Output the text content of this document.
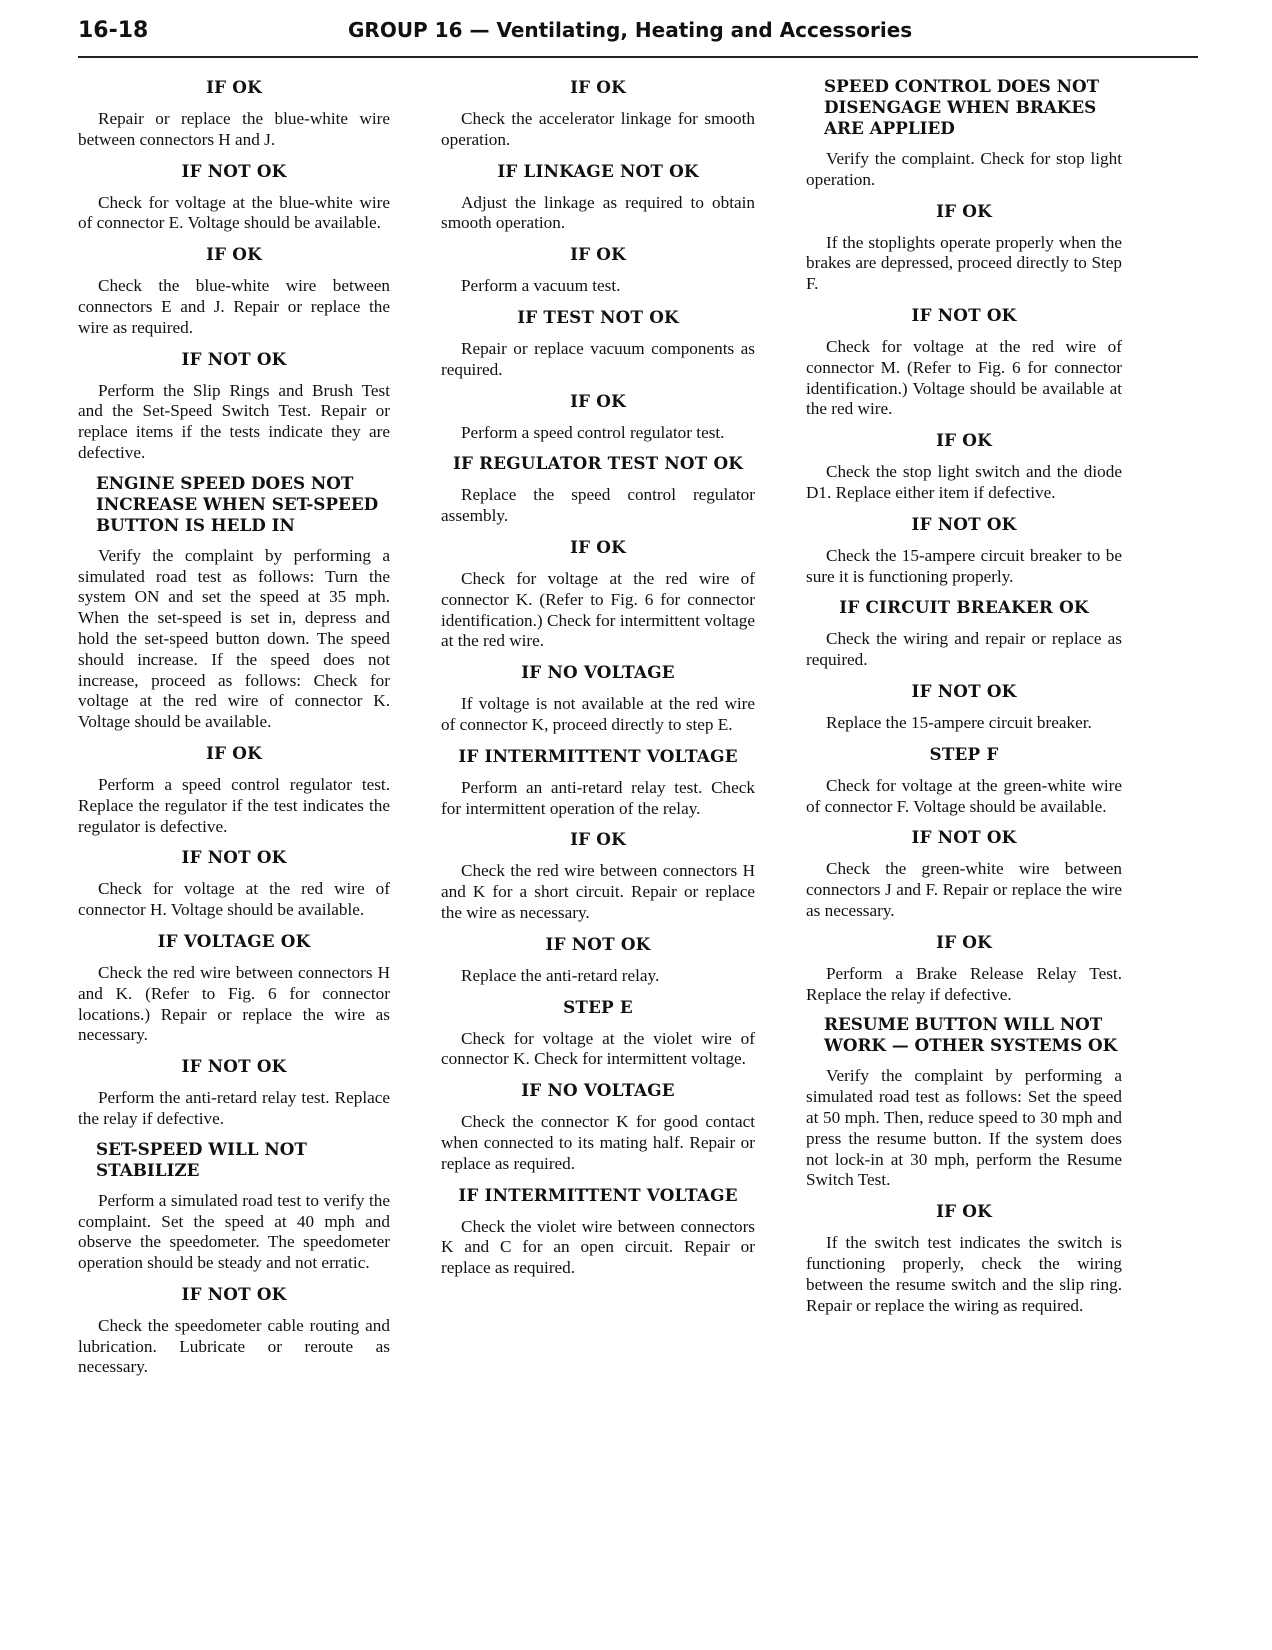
16-18	GROUP 16 — Ventilating, Heating and Accessories
IF OK
Repair or replace the blue-white wire between connectors H and J.
IF NOT OK
Check for voltage at the blue-white wire of connector E. Voltage should be available.
IF OK
Check the blue-white wire between connectors E and J. Repair or replace the wire as required.
IF NOT OK
Perform the Slip Rings and Brush Test and the Set-Speed Switch Test. Repair or replace items if the tests indicate they are defective.
ENGINE SPEED DOES NOT INCREASE WHEN SET-SPEED BUTTON IS HELD IN
Verify the complaint by performing a simulated road test as follows: Turn the system ON and set the speed at 35 mph. When the set-speed is set in, depress and hold the set-speed button down. The speed should increase. If the speed does not increase, proceed as follows: Check for voltage at the red wire of connector K. Voltage should be available.
IF OK
Perform a speed control regulator test. Replace the regulator if the test indicates the regulator is defective.
IF NOT OK
Check for voltage at the red wire of connector H. Voltage should be available.
IF VOLTAGE OK
Check the red wire between connectors H and K. (Refer to Fig. 6 for connector locations.) Repair or replace the wire as necessary.
IF NOT OK
Perform the anti-retard relay test. Replace the relay if defective.
SET-SPEED WILL NOT STABILIZE
Perform a simulated road test to verify the complaint. Set the speed at 40 mph and observe the speedometer. The speedometer operation should be steady and not erratic.
IF NOT OK
Check the speedometer cable routing and lubrication. Lubricate or reroute as necessary.
IF OK
Check the accelerator linkage for smooth operation.
IF LINKAGE NOT OK
Adjust the linkage as required to obtain smooth operation.
IF OK
Perform a vacuum test.
IF TEST NOT OK
Repair or replace vacuum components as required.
IF OK
Perform a speed control regulator test.
IF REGULATOR TEST NOT OK
Replace the speed control regulator assembly.
IF OK
Check for voltage at the red wire of connector K. (Refer to Fig. 6 for connector identification.) Check for intermittent voltage at the red wire.
IF NO VOLTAGE
If voltage is not available at the red wire of connector K, proceed directly to step E.
IF INTERMITTENT VOLTAGE
Perform an anti-retard relay test. Check for intermittent operation of the relay.
IF OK
Check the red wire between connectors H and K for a short circuit. Repair or replace the wire as necessary.
IF NOT OK
Replace the anti-retard relay.
STEP E
Check for voltage at the violet wire of connector K. Check for intermittent voltage.
IF NO VOLTAGE
Check the connector K for good contact when connected to its mating half. Repair or replace as required.
IF INTERMITTENT VOLTAGE
Check the violet wire between connectors K and C for an open circuit. Repair or replace as required.
SPEED CONTROL DOES NOT DISENGAGE WHEN BRAKES ARE APPLIED
Verify the complaint. Check for stop light operation.
IF OK
If the stoplights operate properly when the brakes are depressed, proceed directly to Step F.
IF NOT OK
Check for voltage at the red wire of connector M. (Refer to Fig. 6 for connector identification.) Voltage should be available at the red wire.
IF OK
Check the stop light switch and the diode D1. Replace either item if defective.
IF NOT OK
Check the 15-ampere circuit breaker to be sure it is functioning properly.
IF CIRCUIT BREAKER OK
Check the wiring and repair or replace as required.
IF NOT OK
Replace the 15-ampere circuit breaker.
STEP F
Check for voltage at the green-white wire of connector F. Voltage should be available.
IF NOT OK
Check the green-white wire between connectors J and F. Repair or replace the wire as necessary.
IF OK
Perform a Brake Release Relay Test. Replace the relay if defective.
RESUME BUTTON WILL NOT WORK — OTHER SYSTEMS OK
Verify the complaint by performing a simulated road test as follows: Set the speed at 50 mph. Then, reduce speed to 30 mph and press the resume button. If the system does not lock-in at 30 mph, perform the Resume Switch Test.
IF OK
If the switch test indicates the switch is functioning properly, check the wiring between the resume switch and the slip ring. Repair or replace the wiring as required.
